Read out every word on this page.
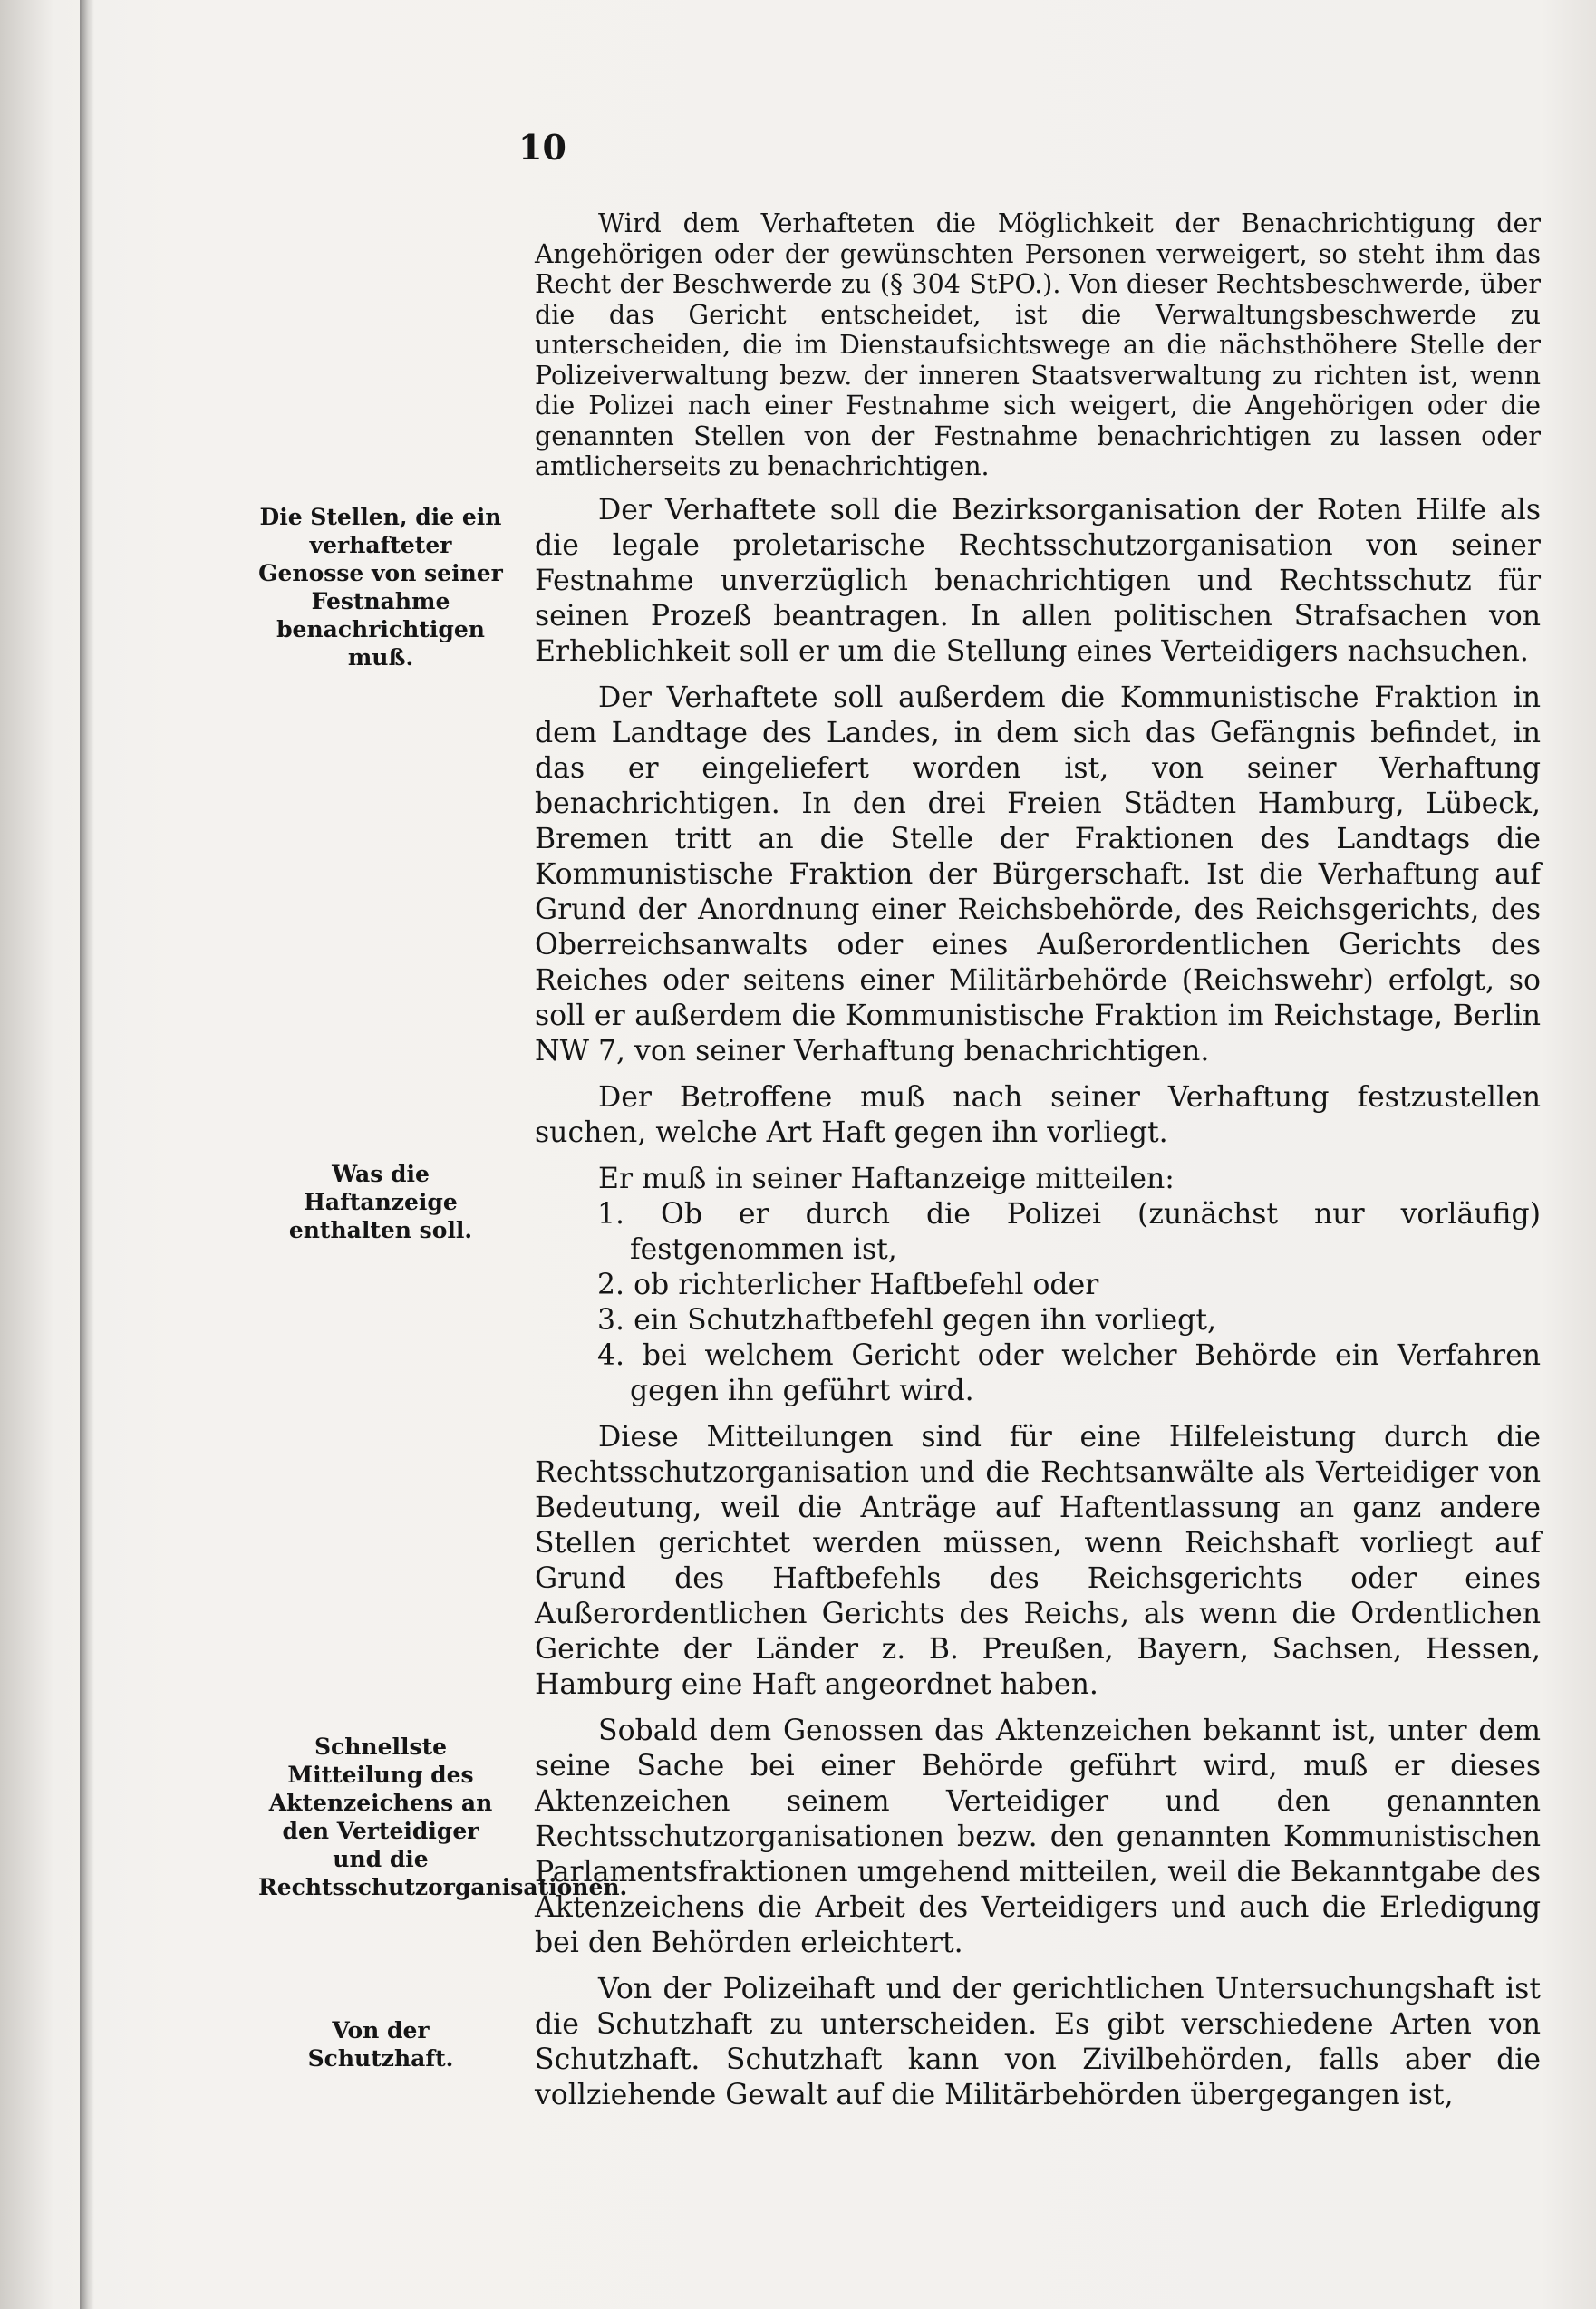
10
Die Stellen, die ein verhafteter Genosse von seiner Festnahme benachrichtigen muß.
Was die Haftanzeige enthalten soll.
Schnellste Mitteilung des Aktenzeichens an den Verteidiger und die Rechtsschutzorganisationen.
Von der Schutzhaft.

Wird dem Verhafteten die Möglichkeit der Benachrichtigung der Angehörigen oder der gewünschten Personen verweigert, so steht ihm das Recht der Beschwerde zu (§ 304 StPO.). Von dieser Rechtsbeschwerde, über die das Gericht entscheidet, ist die Verwaltungsbeschwerde zu unterscheiden, die im Dienstaufsichtswege an die nächsthöhere Stelle der Polizeiverwaltung bezw. der inneren Staatsverwaltung zu richten ist, wenn die Polizei nach einer Festnahme sich weigert, die Angehörigen oder die genannten Stellen von der Festnahme benachrichtigen zu lassen oder amtlicherseits zu benachrichtigen.

Der Verhaftete soll die Bezirksorganisation der Roten Hilfe als die legale proletarische Rechtsschutzorganisation von seiner Festnahme unverzüglich benachrichtigen und Rechtsschutz für seinen Prozeß beantragen. In allen politischen Strafsachen von Erheblichkeit soll er um die Stellung eines Verteidigers nachsuchen.

Der Verhaftete soll außerdem die Kommunistische Fraktion in dem Landtage des Landes, in dem sich das Gefängnis befindet, in das er eingeliefert worden ist, von seiner Verhaftung benachrichtigen. In den drei Freien Städten Hamburg, Lübeck, Bremen tritt an die Stelle der Fraktionen des Landtags die Kommunistische Fraktion der Bürgerschaft. Ist die Verhaftung auf Grund der Anordnung einer Reichsbehörde, des Reichsgerichts, des Oberreichsanwalts oder eines Außerordentlichen Gerichts des Reiches oder seitens einer Militärbehörde (Reichswehr) erfolgt, so soll er außerdem die Kommunistische Fraktion im Reichstage, Berlin NW 7, von seiner Verhaftung benachrichtigen.

Der Betroffene muß nach seiner Verhaftung festzustellen suchen, welche Art Haft gegen ihn vorliegt.

Er muß in seiner Haftanzeige mitteilen:

1. Ob er durch die Polizei (zunächst nur vorläufig) festgenommen ist,
2. ob richterlicher Haftbefehl oder
3. ein Schutzhaftbefehl gegen ihn vorliegt,
4. bei welchem Gericht oder welcher Behörde ein Verfahren gegen ihn geführt wird.

Diese Mitteilungen sind für eine Hilfeleistung durch die Rechtsschutzorganisation und die Rechtsanwälte als Verteidiger von Bedeutung, weil die Anträge auf Haftentlassung an ganz andere Stellen gerichtet werden müssen, wenn Reichshaft vorliegt auf Grund des Haftbefehls des Reichsgerichts oder eines Außerordentlichen Gerichts des Reichs, als wenn die Ordentlichen Gerichte der Länder z. B. Preußen, Bayern, Sachsen, Hessen, Hamburg eine Haft angeordnet haben.

Sobald dem Genossen das Aktenzeichen bekannt ist, unter dem seine Sache bei einer Behörde geführt wird, muß er dieses Aktenzeichen seinem Verteidiger und den genannten Rechtsschutzorganisationen bezw. den genannten Kommunistischen Parlamentsfraktionen umgehend mitteilen, weil die Bekanntgabe des Aktenzeichens die Arbeit des Verteidigers und auch die Erledigung bei den Behörden erleichtert.

Von der Polizeihaft und der gerichtlichen Untersuchungshaft ist die Schutzhaft zu unterscheiden. Es gibt verschiedene Arten von Schutzhaft. Schutzhaft kann von Zivilbehörden, falls aber die vollziehende Gewalt auf die Militärbehörden übergegangen ist,
